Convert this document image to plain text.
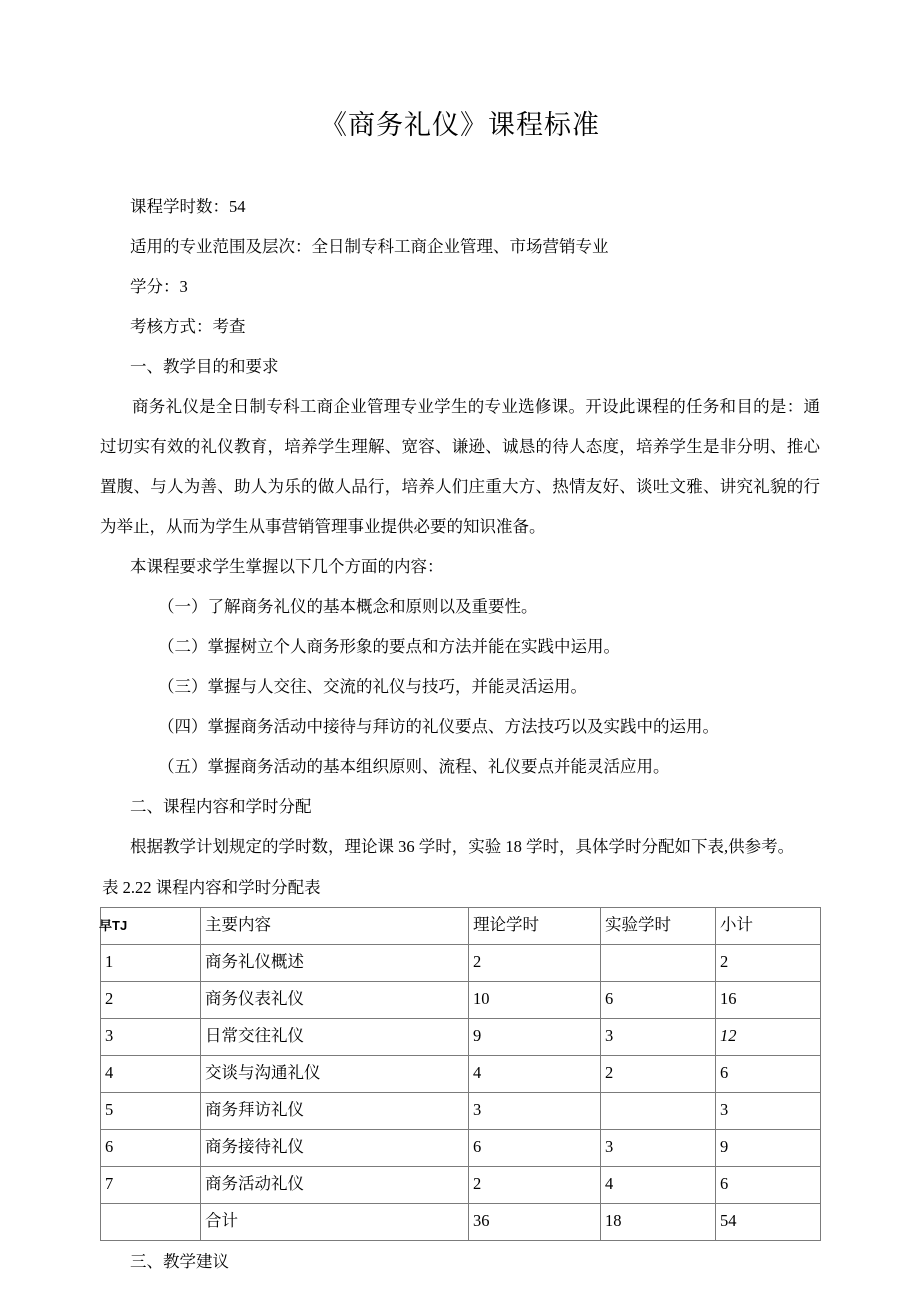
《商务礼仪》课程标准

课程学时数：54

适用的专业范围及层次：全日制专科工商企业管理、市场营销专业

学分：3

考核方式：考查

一、教学目的和要求

商务礼仪是全日制专科工商企业管理专业学生的专业选修课。开设此课程的任务和目的是：通过切实有效的礼仪教育，培养学生理解、宽容、谦逊、诚恳的待人态度，培养学生是非分明、推心置腹、与人为善、助人为乐的做人品行，培养人们庄重大方、热情友好、谈吐文雅、讲究礼貌的行为举止，从而为学生从事营销管理事业提供必要的知识准备。

本课程要求学生掌握以下几个方面的内容：

（一）了解商务礼仪的基本概念和原则以及重要性。

（二）掌握树立个人商务形象的要点和方法并能在实践中运用。

（三）掌握与人交往、交流的礼仪与技巧，并能灵活运用。

（四）掌握商务活动中接待与拜访的礼仪要点、方法技巧以及实践中的运用。

（五）掌握商务活动的基本组织原则、流程、礼仪要点并能灵活应用。

二、课程内容和学时分配

根据教学计划规定的学时数，理论课 36 学时，实验 18 学时，具体学时分配如下表,供参考。

表 2.22 课程内容和学时分配表

早TJ	主要内容	理论学时	实验学时	小计
1	商务礼仪概述	2		2
2	商务仪表礼仪	10	6	16
3	日常交往礼仪	9	3	12
4	交谈与沟通礼仪	4	2	6
5	商务拜访礼仪	3		3
6	商务接待礼仪	6	3	9
7	商务活动礼仪	2	4	6
	合计	36	18	54

三、教学建议
